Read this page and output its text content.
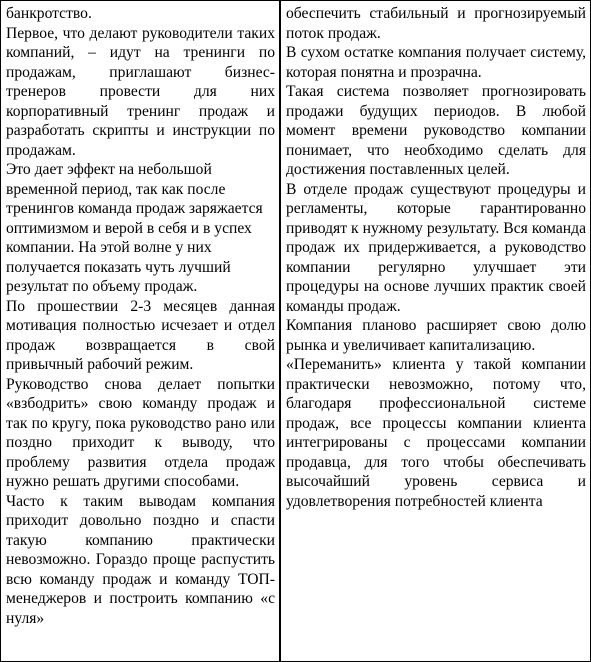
банкротство.

Первое, что делают руководители таких компаний, – идут на тренинги по продажам, приглашают бизнес-тренеров провести для них корпоративный тренинг продаж и разработать скрипты и инструкции по продажам.

Это дает эффект на небольшой временной период, так как после тренингов команда продаж заряжается оптимизмом и верой в себя и в успех компании. На этой волне у них получается показать чуть лучший результат по объему продаж.

По прошествии 2-3 месяцев данная мотивация полностью исчезает и отдел продаж возвращается в свой привычный рабочий режим.

Руководство снова делает попытки «взбодрить» свою команду продаж и так по кругу, пока руководство рано или поздно приходит к выводу, что проблему развития отдела продаж нужно решать другими способами.

Часто к таким выводам компания приходит довольно поздно и спасти такую компанию практически невозможно. Гораздо проще распустить всю команду продаж и команду ТОП-менеджеров и построить компанию «с нуля»

обеспечить стабильный и прогнозируемый поток продаж.

В сухом остатке компания получает систему, которая понятна и прозрачна.

Такая система позволяет прогнозировать продажи будущих периодов. В любой момент времени руководство компании понимает, что необходимо сделать для достижения поставленных целей.

В отделе продаж существуют процедуры и регламенты, которые гарантированно приводят к нужному результату. Вся команда продаж их придерживается, а руководство компании регулярно улучшает эти процедуры на основе лучших практик своей команды продаж.

Компания планово расширяет свою долю рынка и увеличивает капитализацию.

«Переманить» клиента у такой компании практически невозможно, потому что, благодаря профессиональной системе продаж, все процессы компании клиента интегрированы с процессами компании продавца, для того чтобы обеспечивать высочайший уровень сервиса и удовлетворения потребностей клиента
